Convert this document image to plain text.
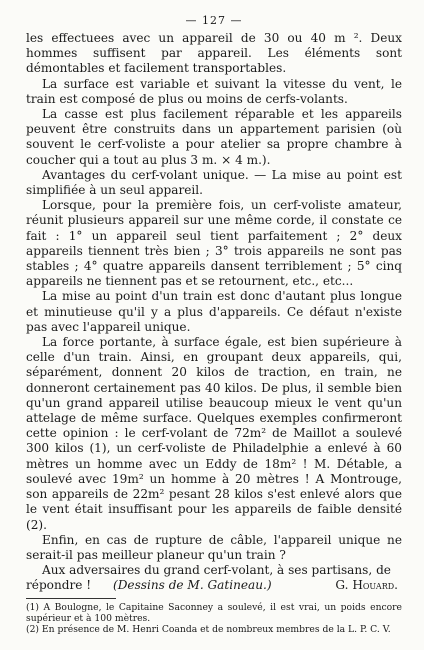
— 127 —

les effectuees avec un appareil de 30 ou 40 m ². Deux hommes suffisent par appareil. Les éléments sont démontables et facilement transportables.

La surface est variable et suivant la vitesse du vent, le train est composé de plus ou moins de cerfs-volants.

La casse est plus facilement réparable et les appareils peuvent être construits dans un appartement parisien (où souvent le cerf-voliste a pour atelier sa propre chambre à coucher qui a tout au plus 3 m. × 4 m.).

Avantages du cerf-volant unique. — La mise au point est simplifiée à un seul appareil.

Lorsque, pour la première fois, un cerf-voliste amateur, réunit plusieurs appareil sur une même corde, il constate ce fait : 1° un appareil seul tient parfaitement ; 2° deux appareils tiennent très bien ; 3° trois appareils ne sont pas stables ; 4° quatre appareils dansent terriblement ; 5° cinq appareils ne tiennent pas et se retournent, etc., etc...

La mise au point d'un train est donc d'autant plus longue et minutieuse qu'il y a plus d'appareils. Ce défaut n'existe pas avec l'appareil unique.

La force portante, à surface égale, est bien supérieure à celle d'un train. Ainsi, en groupant deux appareils, qui, séparément, donnent 20 kilos de traction, en train, ne donneront certainement pas 40 kilos. De plus, il semble bien qu'un grand appareil utilise beaucoup mieux le vent qu'un attelage de même surface. Quelques exemples confirmeront cette opinion : le cerf-volant de 72m² de Maillot a soulevé 300 kilos (1), un cerf-voliste de Philadelphie a enlevé à 60 mètres un homme avec un Eddy de 18m² ! M. Détable, a soulevé avec 19m² un homme à 20 mètres ! A Montrouge, son appareils de 22m² pesant 28 kilos s'est enlevé alors que le vent était insuffisant pour les appareils de faible densité (2).

Enfin, en cas de rupture de câble, l'appareil unique ne serait-il pas meilleur planeur qu'un train ?

Aux adversaires du grand cerf-volant, à ses partisans, de

répondre ! (Dessins de M. Gatineau.)	G. Houard.

(1) A Boulogne, le Capitaine Saconney a soulevé, il est vrai, un poids encore supérieur et à 100 mètres.

(2) En présence de M. Henri Coanda et de nombreux membres de la L. P. C. V.
